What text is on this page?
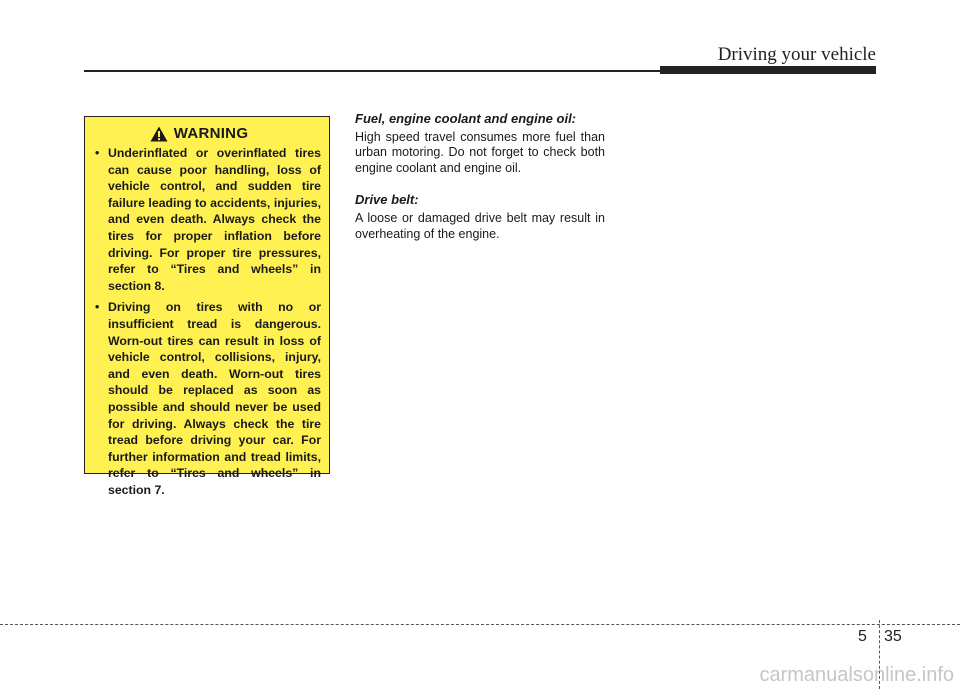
Driving your vehicle
WARNING
• Underinflated or overinflated tires can cause poor handling, loss of vehicle control, and sudden tire failure leading to accidents, injuries, and even death. Always check the tires for proper inflation before driving. For proper tire pressures, refer to “Tires and wheels” in section 8.
• Driving on tires with no or insufficient tread is dangerous. Worn-out tires can result in loss of vehicle control, collisions, injury, and even death. Worn-out tires should be replaced as soon as possible and should never be used for driving. Always check the tire tread before driving your car. For further information and tread limits, refer to “Tires and wheels” in section 7.

Fuel, engine coolant and engine oil:

High speed travel consumes more fuel than urban motoring. Do not forget to check both engine coolant and engine oil.

Drive belt:

A loose or damaged drive belt may result in overheating of the engine.

5 35
carmanualsonline.info
